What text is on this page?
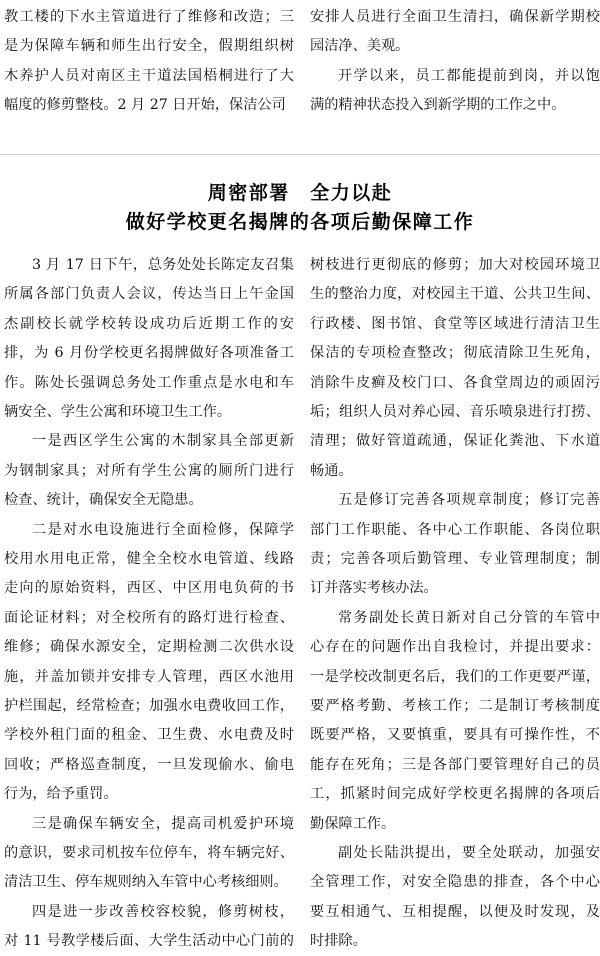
教工楼的下水主管道进行了维修和改造；三
是为保障车辆和师生出行安全，假期组织树
木养护人员对南区主干道法国梧桐进行了大
幅度的修剪整枝。2 月 27 日开始，保洁公司
安排人员进行全面卫生清扫，确保新学期校
园洁净、美观。
开学以来，员工都能提前到岗，并以饱
满的精神状态投入到新学期的工作之中。
周密部署　全力以赴
做好学校更名揭牌的各项后勤保障工作
3 月 17 日下午，总务处处长陈定友召集
所属各部门负责人会议，传达当日上午金国
杰副校长就学校转设成功后近期工作的安
排，为 6 月份学校更名揭牌做好各项准备工
作。陈处长强调总务处工作重点是水电和车
辆安全、学生公寓和环境卫生工作。
一是西区学生公寓的木制家具全部更新
为钢制家具；对所有学生公寓的厕所门进行
检查、统计，确保安全无隐患。
二是对水电设施进行全面检修，保障学
校用水用电正常，健全全校水电管道、线路
走向的原始资料，西区、中区用电负荷的书
面论证材料；对全校所有的路灯进行检查、
维修；确保水源安全，定期检测二次供水设
施，并盖加锁并安排专人管理，西区水池用
护栏围起，经常检查；加强水电费收回工作，
学校外租门面的租金、卫生费、水电费及时
回收；严格巡查制度，一旦发现偷水、偷电
行为，给予重罚。
三是确保车辆安全，提高司机爱护环境
的意识，要求司机按车位停车，将车辆完好、
清洁卫生、停车规则纳入车管中心考核细则。
四是进一步改善校容校貌，修剪树枝，
对 11 号教学楼后面、大学生活动中心门前的
树枝进行更彻底的修剪；加大对校园环境卫
生的整治力度，对校园主干道、公共卫生间、
行政楼、图书馆、食堂等区域进行清洁卫生
保洁的专项检查整改；彻底清除卫生死角，
消除牛皮癣及校门口、各食堂周边的顽固污
垢；组织人员对养心园、音乐喷泉进行打捞、
清理；做好管道疏通，保证化粪池、下水道
畅通。
五是修订完善各项规章制度；修订完善
部门工作职能、各中心工作职能、各岗位职
责；完善各项后勤管理、专业管理制度；制
订并落实考核办法。
常务副处长黄日新对自己分管的车管中
心存在的问题作出自我检讨，并提出要求：
一是学校改制更名后，我们的工作更要严谨，
要严格考勤、考核工作；二是制订考核制度
既要严格，又要慎重，要具有可操作性，不
能存在死角；三是各部门要管理好自己的员
工，抓紧时间完成好学校更名揭牌的各项后
勤保障工作。
副处长陆洪提出，要全处联动，加强安
全管理工作，对安全隐患的排查，各个中心
要互相通气、互相提醒，以便及时发现，及
时排除。
